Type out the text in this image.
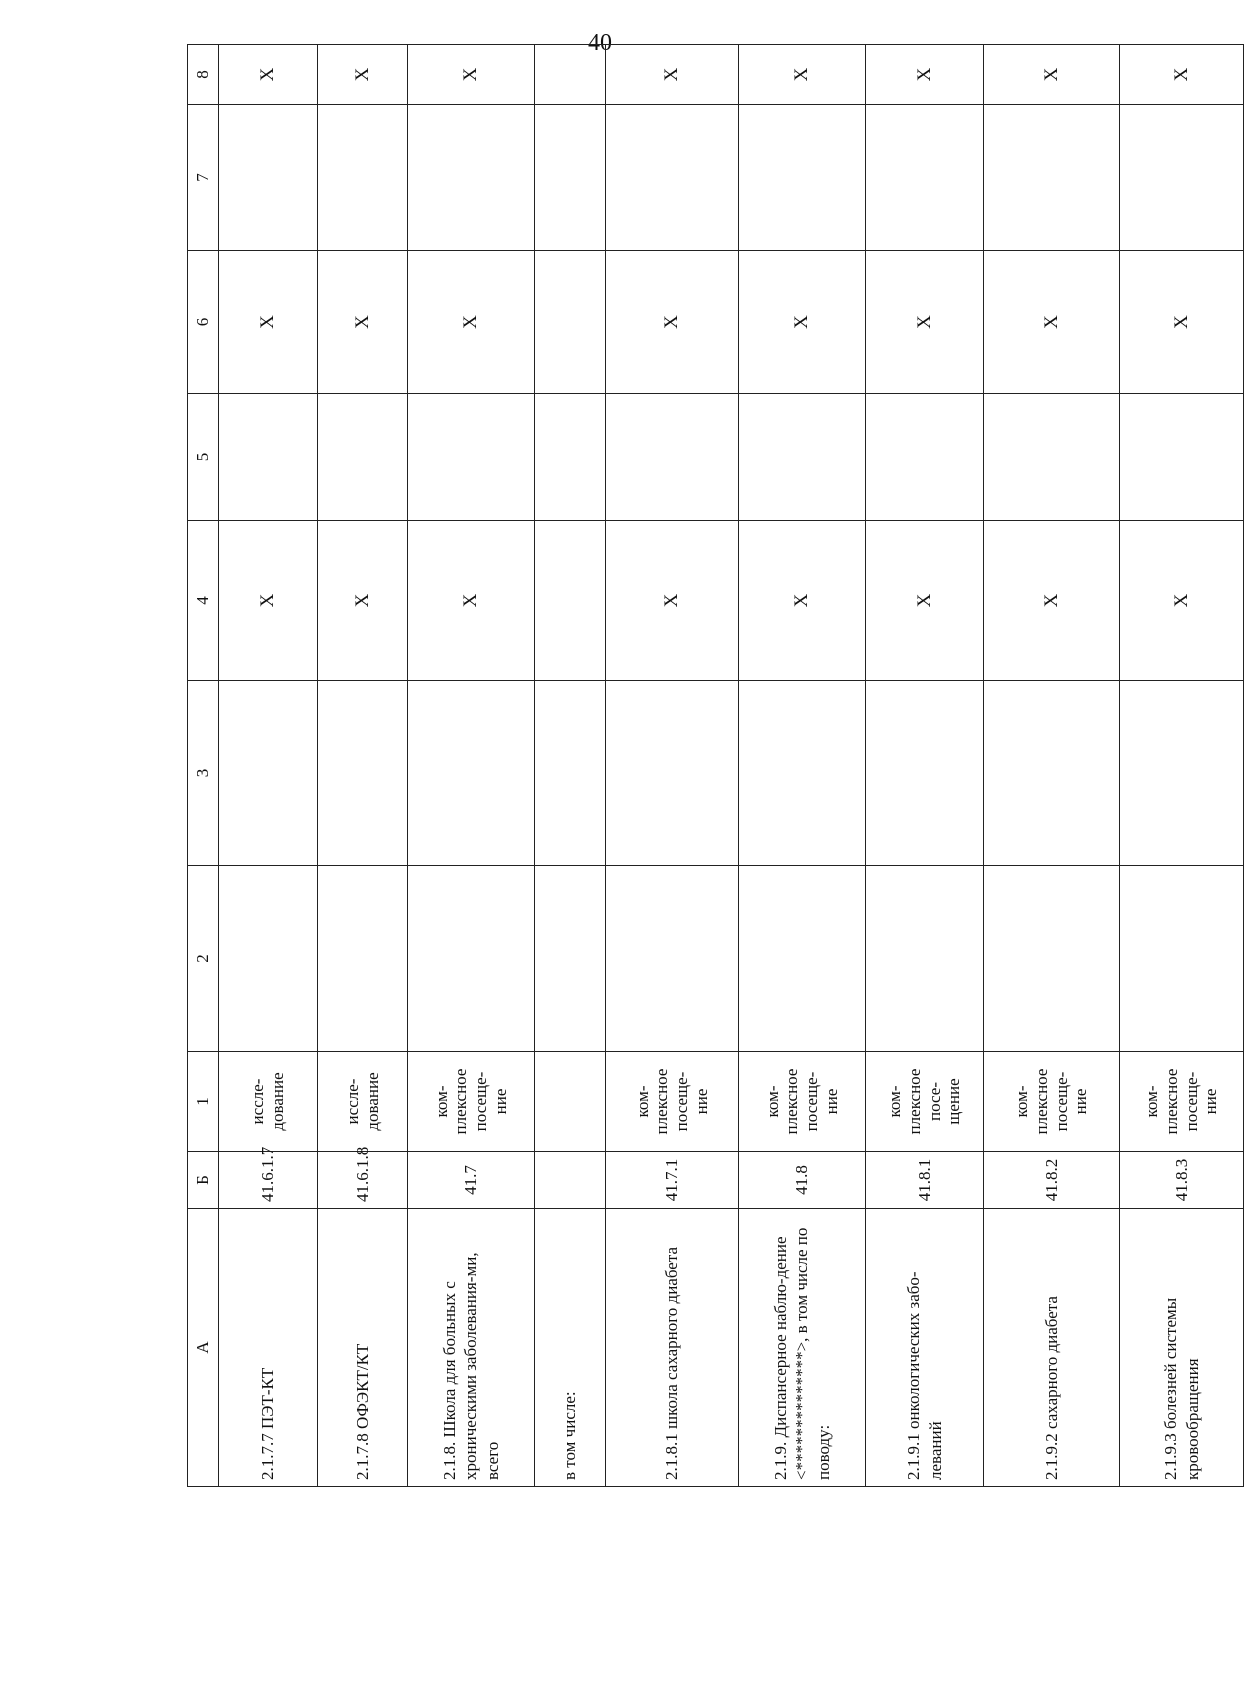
40
А	Б	1	2	3	4	5	6	7	8
2.1.7.7 ПЭТ-КТ	41.6.1.7	иссле-
дование			X		X		X
2.1.7.8 ОФЭКТ/КТ	41.6.1.8	иссле-
дование			X		X		X
2.1.8. Школа для больных с хроническими заболевания-ми, всего	41.7	ком-
плексное
посеще-
ние			X		X		X
в том числе:									
2.1.8.1 школа сахарного диабета	41.7.1	ком-
плексное
посеще-
ние			X		X		X
2.1.9. Диспансерное наблю-дение <**************>, в том числе по поводу:	41.8	ком-
плексное
посеще-
ние			X		X		X
2.1.9.1 онкологических забо-леваний	41.8.1	ком-
плексное
посе-
щение			X		X		X
2.1.9.2 сахарного диабета	41.8.2	ком-
плексное
посеще-
ние			X		X		X
2.1.9.3 болезней системы кровообращения	41.8.3	ком-
плексное
посеще-
ние			X		X		X
